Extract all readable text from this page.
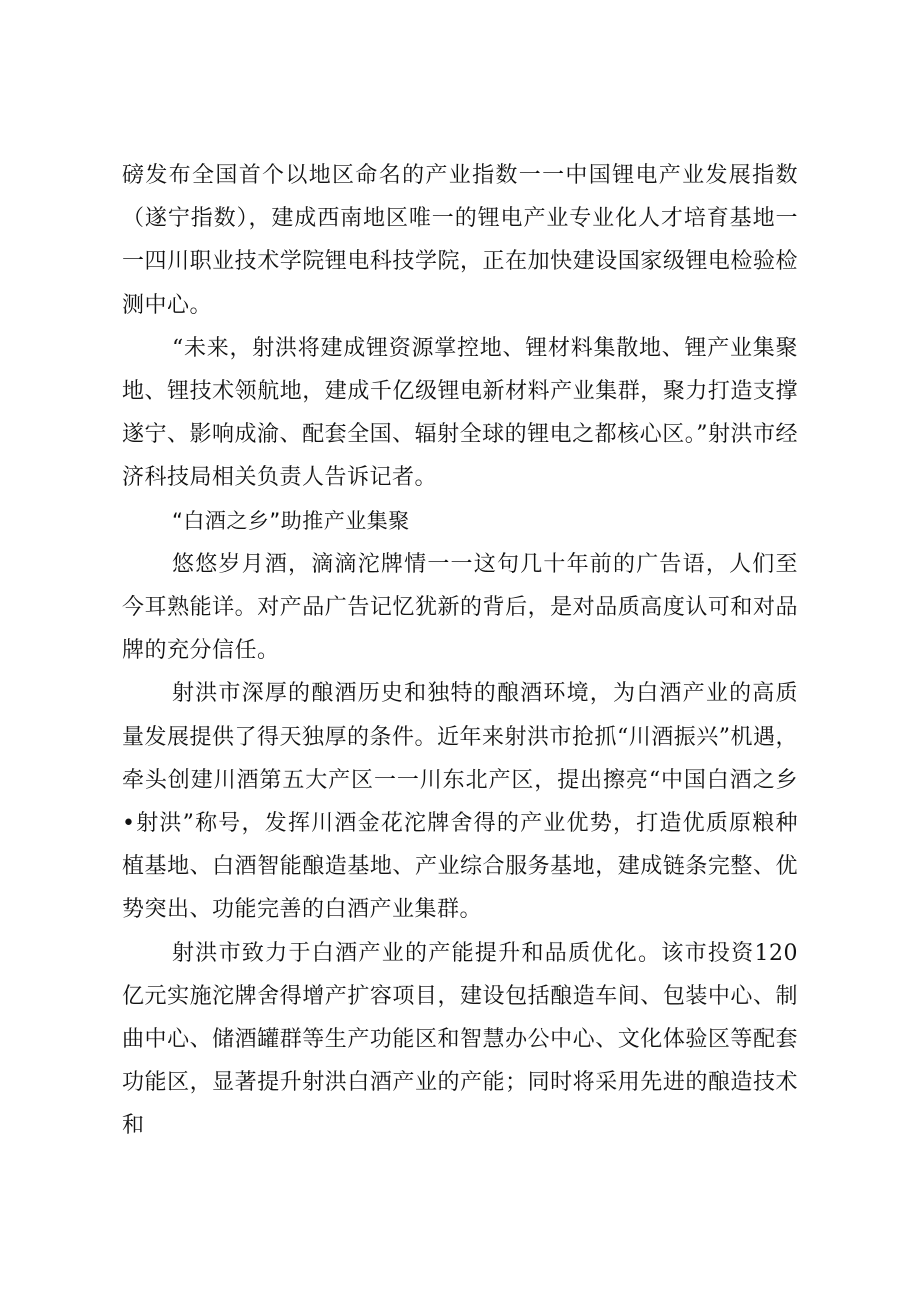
磅发布全国首个以地区命名的产业指数一一中国锂电产业发展指数（遂宁指数），建成西南地区唯一的锂电产业专业化人才培育基地一一四川职业技术学院锂电科技学院，正在加快建设国家级锂电检验检测中心。

“未来，射洪将建成锂资源掌控地、锂材料集散地、锂产业集聚地、锂技术领航地，建成千亿级锂电新材料产业集群，聚力打造支撑遂宁、影响成渝、配套全国、辐射全球的锂电之都核心区。”射洪市经济科技局相关负责人告诉记者。

“白酒之乡”助推产业集聚

悠悠岁月酒，滴滴沱牌情一一这句几十年前的广告语，人们至今耳熟能详。对产品广告记忆犹新的背后，是对品质高度认可和对品牌的充分信任。

射洪市深厚的酿酒历史和独特的酿酒环境，为白酒产业的高质量发展提供了得天独厚的条件。近年来射洪市抢抓“川酒振兴”机遇，牵头创建川酒第五大产区一一川东北产区，提出擦亮“中国白酒之乡•射洪”称号，发挥川酒金花沱牌舍得的产业优势，打造优质原粮种植基地、白酒智能酿造基地、产业综合服务基地，建成链条完整、优势突出、功能完善的白酒产业集群。

射洪市致力于白酒产业的产能提升和品质优化。该市投资120亿元实施沱牌舍得增产扩容项目，建设包括酿造车间、包装中心、制曲中心、储酒罐群等生产功能区和智慧办公中心、文化体验区等配套功能区，显著提升射洪白酒产业的产能；同时将采用先进的酿造技术和
